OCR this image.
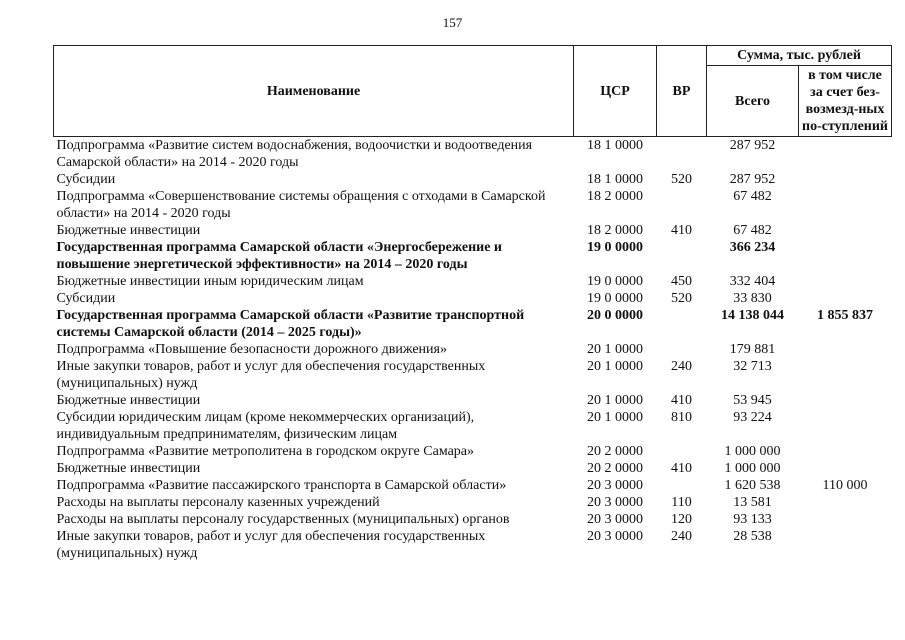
157
Наименование	ЦСР	ВР	Сумма, тыс. рублей	
			Всего	в том числе за счет без-возмезд-ных по-ступлений
Подпрограмма «Развитие систем водоснабжения, водоочистки и водоотведения Самарской области» на 2014 - 2020 годы	18 1 0000		287 952	
Субсидии	18 1 0000	520	287 952	
Подпрограмма «Совершенствование системы обращения с отходами в Самарской области» на 2014 - 2020 годы	18 2 0000		67 482	
Бюджетные инвестиции	18 2 0000	410	67 482	
Государственная программа Самарской области «Энергосбережение и повышение энергетической эффективности» на 2014 – 2020 годы	19 0 0000		366 234	
Бюджетные инвестиции иным юридическим лицам	19 0 0000	450	332 404	
Субсидии	19 0 0000	520	33 830	
Государственная программа Самарской области «Развитие транспортной системы Самарской области (2014 – 2025 годы)»	20 0 0000		14 138 044	1 855 837
Подпрограмма «Повышение безопасности дорожного движения»	20 1 0000		179 881	
Иные закупки товаров, работ и услуг для обеспечения государственных (муниципальных) нужд	20 1 0000	240	32 713	
Бюджетные инвестиции	20 1 0000	410	53 945	
Субсидии юридическим лицам (кроме некоммерческих организаций), индивидуальным предпринимателям, физическим лицам	20 1 0000	810	93 224	
Подпрограмма «Развитие метрополитена в городском округе Самара»	20 2 0000		1 000 000	
Бюджетные инвестиции	20 2 0000	410	1 000 000	
Подпрограмма «Развитие пассажирского транспорта в Самарской области»	20 3 0000		1 620 538	110 000
Расходы на выплаты персоналу казенных учреждений	20 3 0000	110	13 581	
Расходы на выплаты персоналу государственных (муниципальных) органов	20 3 0000	120	93 133	
Иные закупки товаров, работ и услуг для обеспечения государственных (муниципальных) нужд	20 3 0000	240	28 538	
